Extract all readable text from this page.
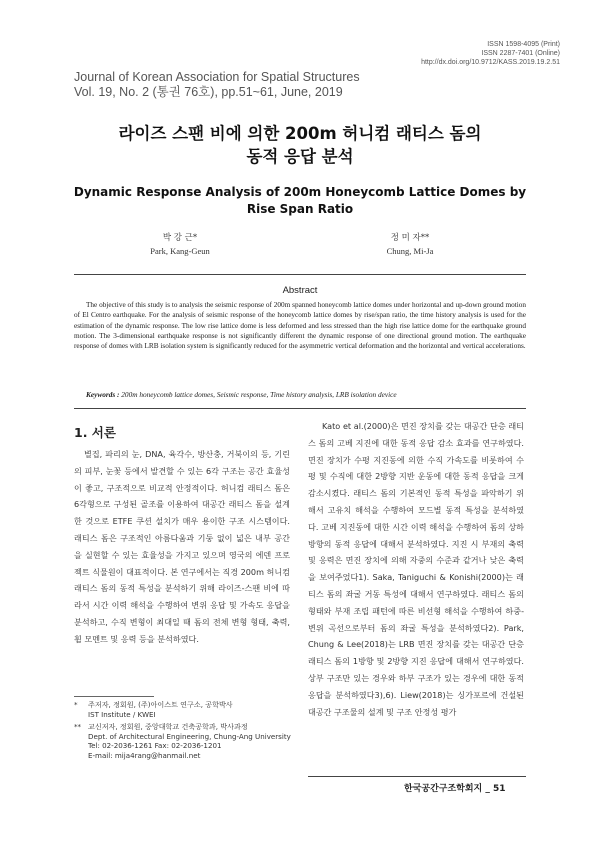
ISSN 1598-4095 (Print)
ISSN 2287-7401 (Online)
http://dx.doi.org/10.9712/KASS.2019.19.2.51
Journal of Korean Association for Spatial Structures
Vol. 19, No. 2 (통권 76호), pp.51~61, June, 2019
라이즈 스팬 비에 의한 200m 허니컴 래티스 돔의
동적 응답 분석
Dynamic Response Analysis of 200m Honeycomb Lattice Domes by
Rise Span Ratio
박 강 근*
Park, Kang-Geun
정 미 자**
Chung, Mi-Ja
Abstract

The objective of this study is to analysis the seismic response of 200m spanned honeycomb lattice domes under horizontal and up-down ground motion of El Centro earthquake. For the analysis of seismic response of the honeycomb lattice domes by rise/span ratio, the time history analysis is used for the estimation of the dynamic response. The low rise lattice dome is less deformed and less stressed than the high rise lattice dome for the earthquake ground motion. The 3-dimensional earthquake response is not significantly different the dynamic response of one directional ground motion. The earthquake response of domes with LRB isolation system is significantly reduced for the asymmetric vertical deformation and the horizontal and vertical accelerations.

Keywords : 200m honeycomb lattice domes, Seismic response, Time history analysis, LRB isolation device
1. 서론

별집, 파리의 눈, DNA, 육각수, 방산충, 거북이의 등, 기린의 피부, 눈꽃 등에서 발견할 수 있는 6각 구조는 공간 효율성이 좋고, 구조적으로 비교적 안정적이다. 허니컴 래티스 돔은 6각형으로 구성된 골조를 이용하여 대공간 래티스 돔을 설계한 것으로 ETFE 쿠션 설치가 매우 용이한 구조 시스템이다. 래티스 돔은 구조적인 아름다움과 기둥 없이 넓은 내부 공간을 실현할 수 있는 효율성을 가지고 있으며 영국의 에덴 프로젝트 식물원이 대표적이다. 본 연구에서는 직경 200m 허니컴 래티스 돔의 동적 특성을 분석하기 위해 라이즈-스팬 비에 따라서 시간 이력 해석을 수행하여 변위 응답 및 가속도 응답을 분석하고, 수직 변형이 최대일 때 돔의 전체 변형 형태, 축력, 휨 모멘트 및 응력 등을 분석하였다.

Kato et al.(2000)은 면진 장치를 갖는 대공간 단층 래티스 돔의 고베 지진에 대한 동적 응답 감소 효과를 연구하였다. 면진 장치가 수평 지진동에 의한 수직 가속도를 비롯하여 수평 및 수직에 대한 2방향 지반 운동에 대한 동적 응답을 크게 감소시켰다. 래티스 돔의 기본적인 동적 특성을 파악하기 위해서 고유치 해석을 수행하여 모드별 동적 특성을 분석하였다. 고베 지진동에 대한 시간 이력 해석을 수행하여 돔의 상하 방향의 동적 응답에 대해서 분석하였다. 지진 시 부재의 축력 및 응력은 면진 장치에 의해 자중의 수준과 같거나 낮은 축력을 보여주었다1). Saka, Taniguchi & Konishi(2000)는 래티스 돔의 좌굴 거동 특성에 대해서 연구하였다. 래티스 돔의 형태와 부재 조립 패턴에 따른 비선형 해석을 수행하여 하중-변위 곡선으로부터 돔의 좌굴 특성을 분석하였다2). Park, Chung & Lee(2018)는 LRB 면진 장치를 갖는 대공간 단층 래티스 돔의 1방향 및 2방향 지진 응답에 대해서 연구하였다. 상부 구조만 있는 경우와 하부 구조가 있는 경우에 대한 동적 응답을 분석하였다3),6). Liew(2018)는 싱가포르에 건설된 대공간 구조물의 설계 및 구조 안정성 평가

*	주저자, 정회원, (주)아이스트 연구소, 공학박사
IST Institute / KWEI
** 교신저자, 정회원, 중앙대학교 건축공학과, 박사과정
Dept. of Architectural Engineering, Chung-Ang University
Tel: 02-2036-1261 Fax: 02-2036-1201
E-mail: mija4rang@hanmail.net
한국공간구조학회지 _ 51
